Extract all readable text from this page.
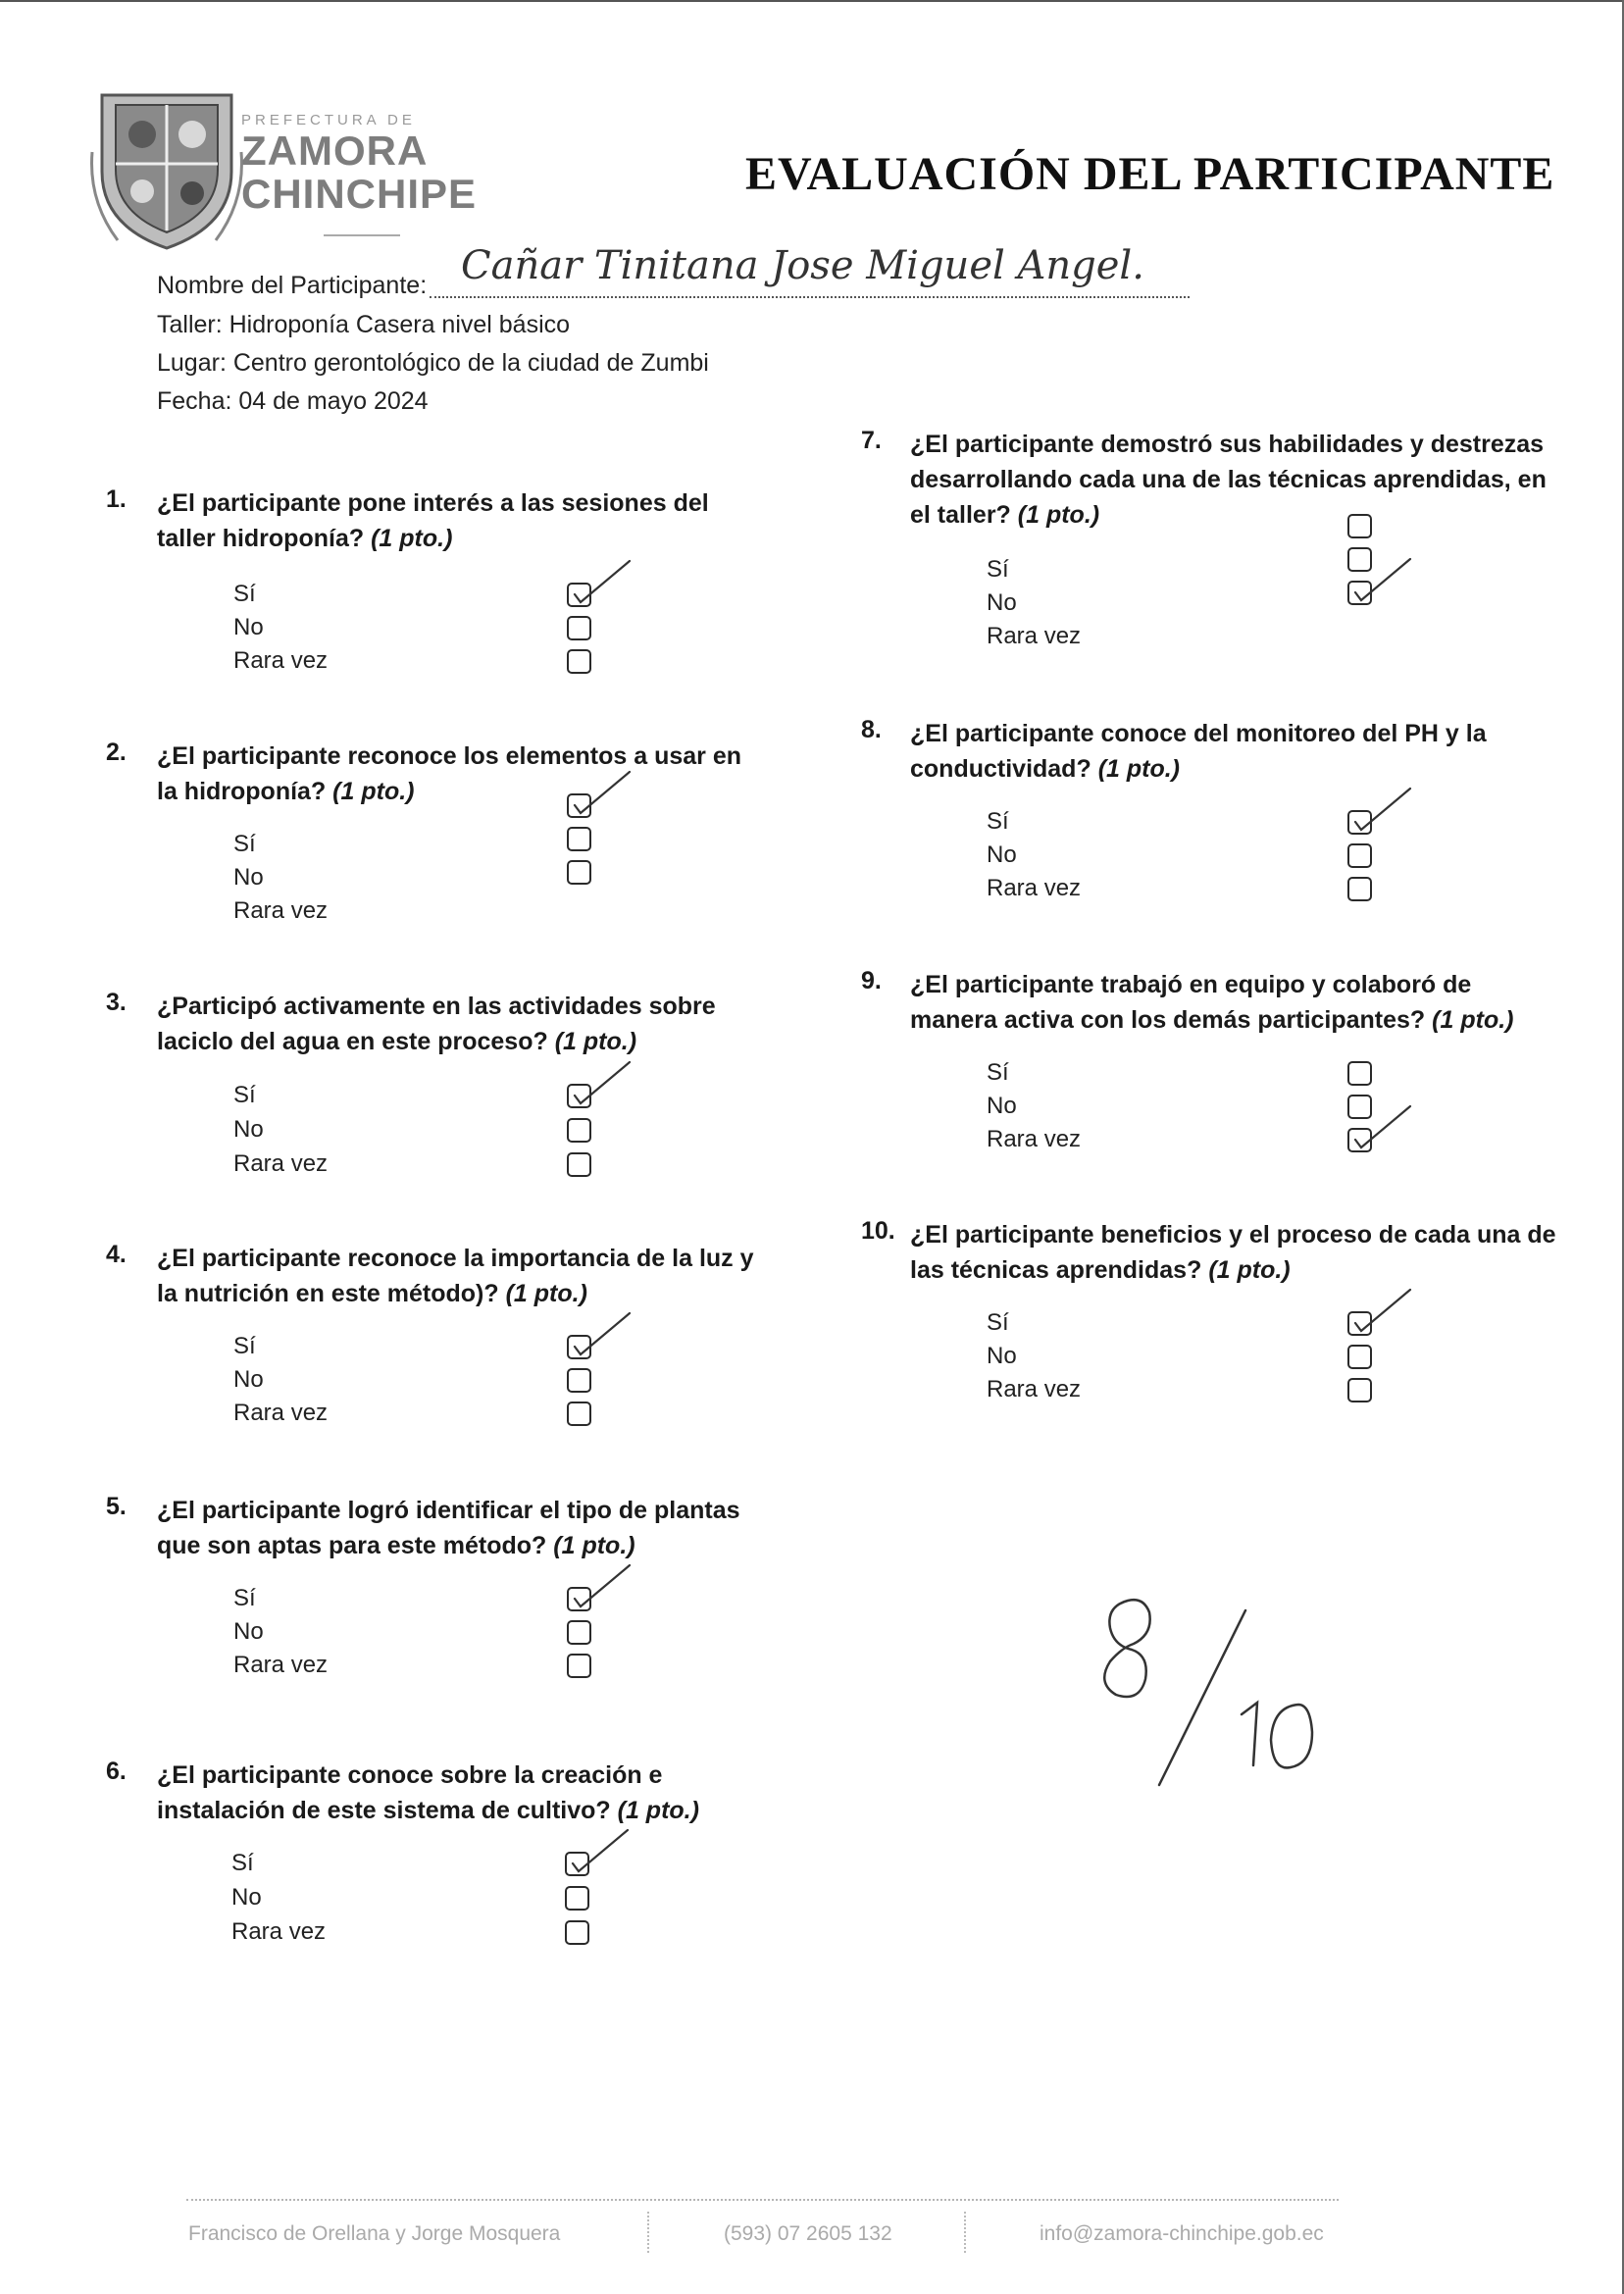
PREFECTURA DE
ZAMORA
CHINCHIPE	EVALUACIÓN DEL PARTICIPANTE
Nombre del Participante: Cañar Tinitana Jose Miguel Angel.
Taller: Hidroponía Casera nivel básico
Lugar: Centro gerontológico de la ciudad de Zumbi
Fecha: 04 de mayo 2024
1. ¿El participante pone interés a las sesiones del
taller hidroponía? (1 pto.)
Sí
No
Rara vez
2. ¿El participante reconoce los elementos a usar en
la hidroponía? (1 pto.)
Sí
No
Rara vez
3. ¿Participó activamente en las actividades sobre
laciclo del agua en este proceso? (1 pto.)
Sí
No
Rara vez
4. ¿El participante reconoce la importancia de la luz y
la nutrición en este método)? (1 pto.)
Sí
No
Rara vez
5. ¿El participante logró identificar el tipo de plantas
que son aptas para este método? (1 pto.)
Sí
No
Rara vez
6. ¿El participante conoce sobre la creación e
instalación de este sistema de cultivo? (1 pto.)
Sí
No
Rara vez
7. ¿El participante demostró sus habilidades y destrezas
desarrollando cada una de las técnicas aprendidas, en
el taller? (1 pto.)
Sí
No
Rara vez
8. ¿El participante conoce del monitoreo del PH y la
conductividad? (1 pto.)
Sí
No
Rara vez
9. ¿El participante trabajó en equipo y colaboró de
manera activa con los demás participantes? (1 pto.)
Sí
No
Rara vez
10. ¿El participante beneficios y el proceso de cada una de
las técnicas aprendidas? (1 pto.)
Sí
No
Rara vez
Francisco de Orellana y Jorge Mosquera	(593) 07 2605 132	info@zamora-chinchipe.gob.ec
